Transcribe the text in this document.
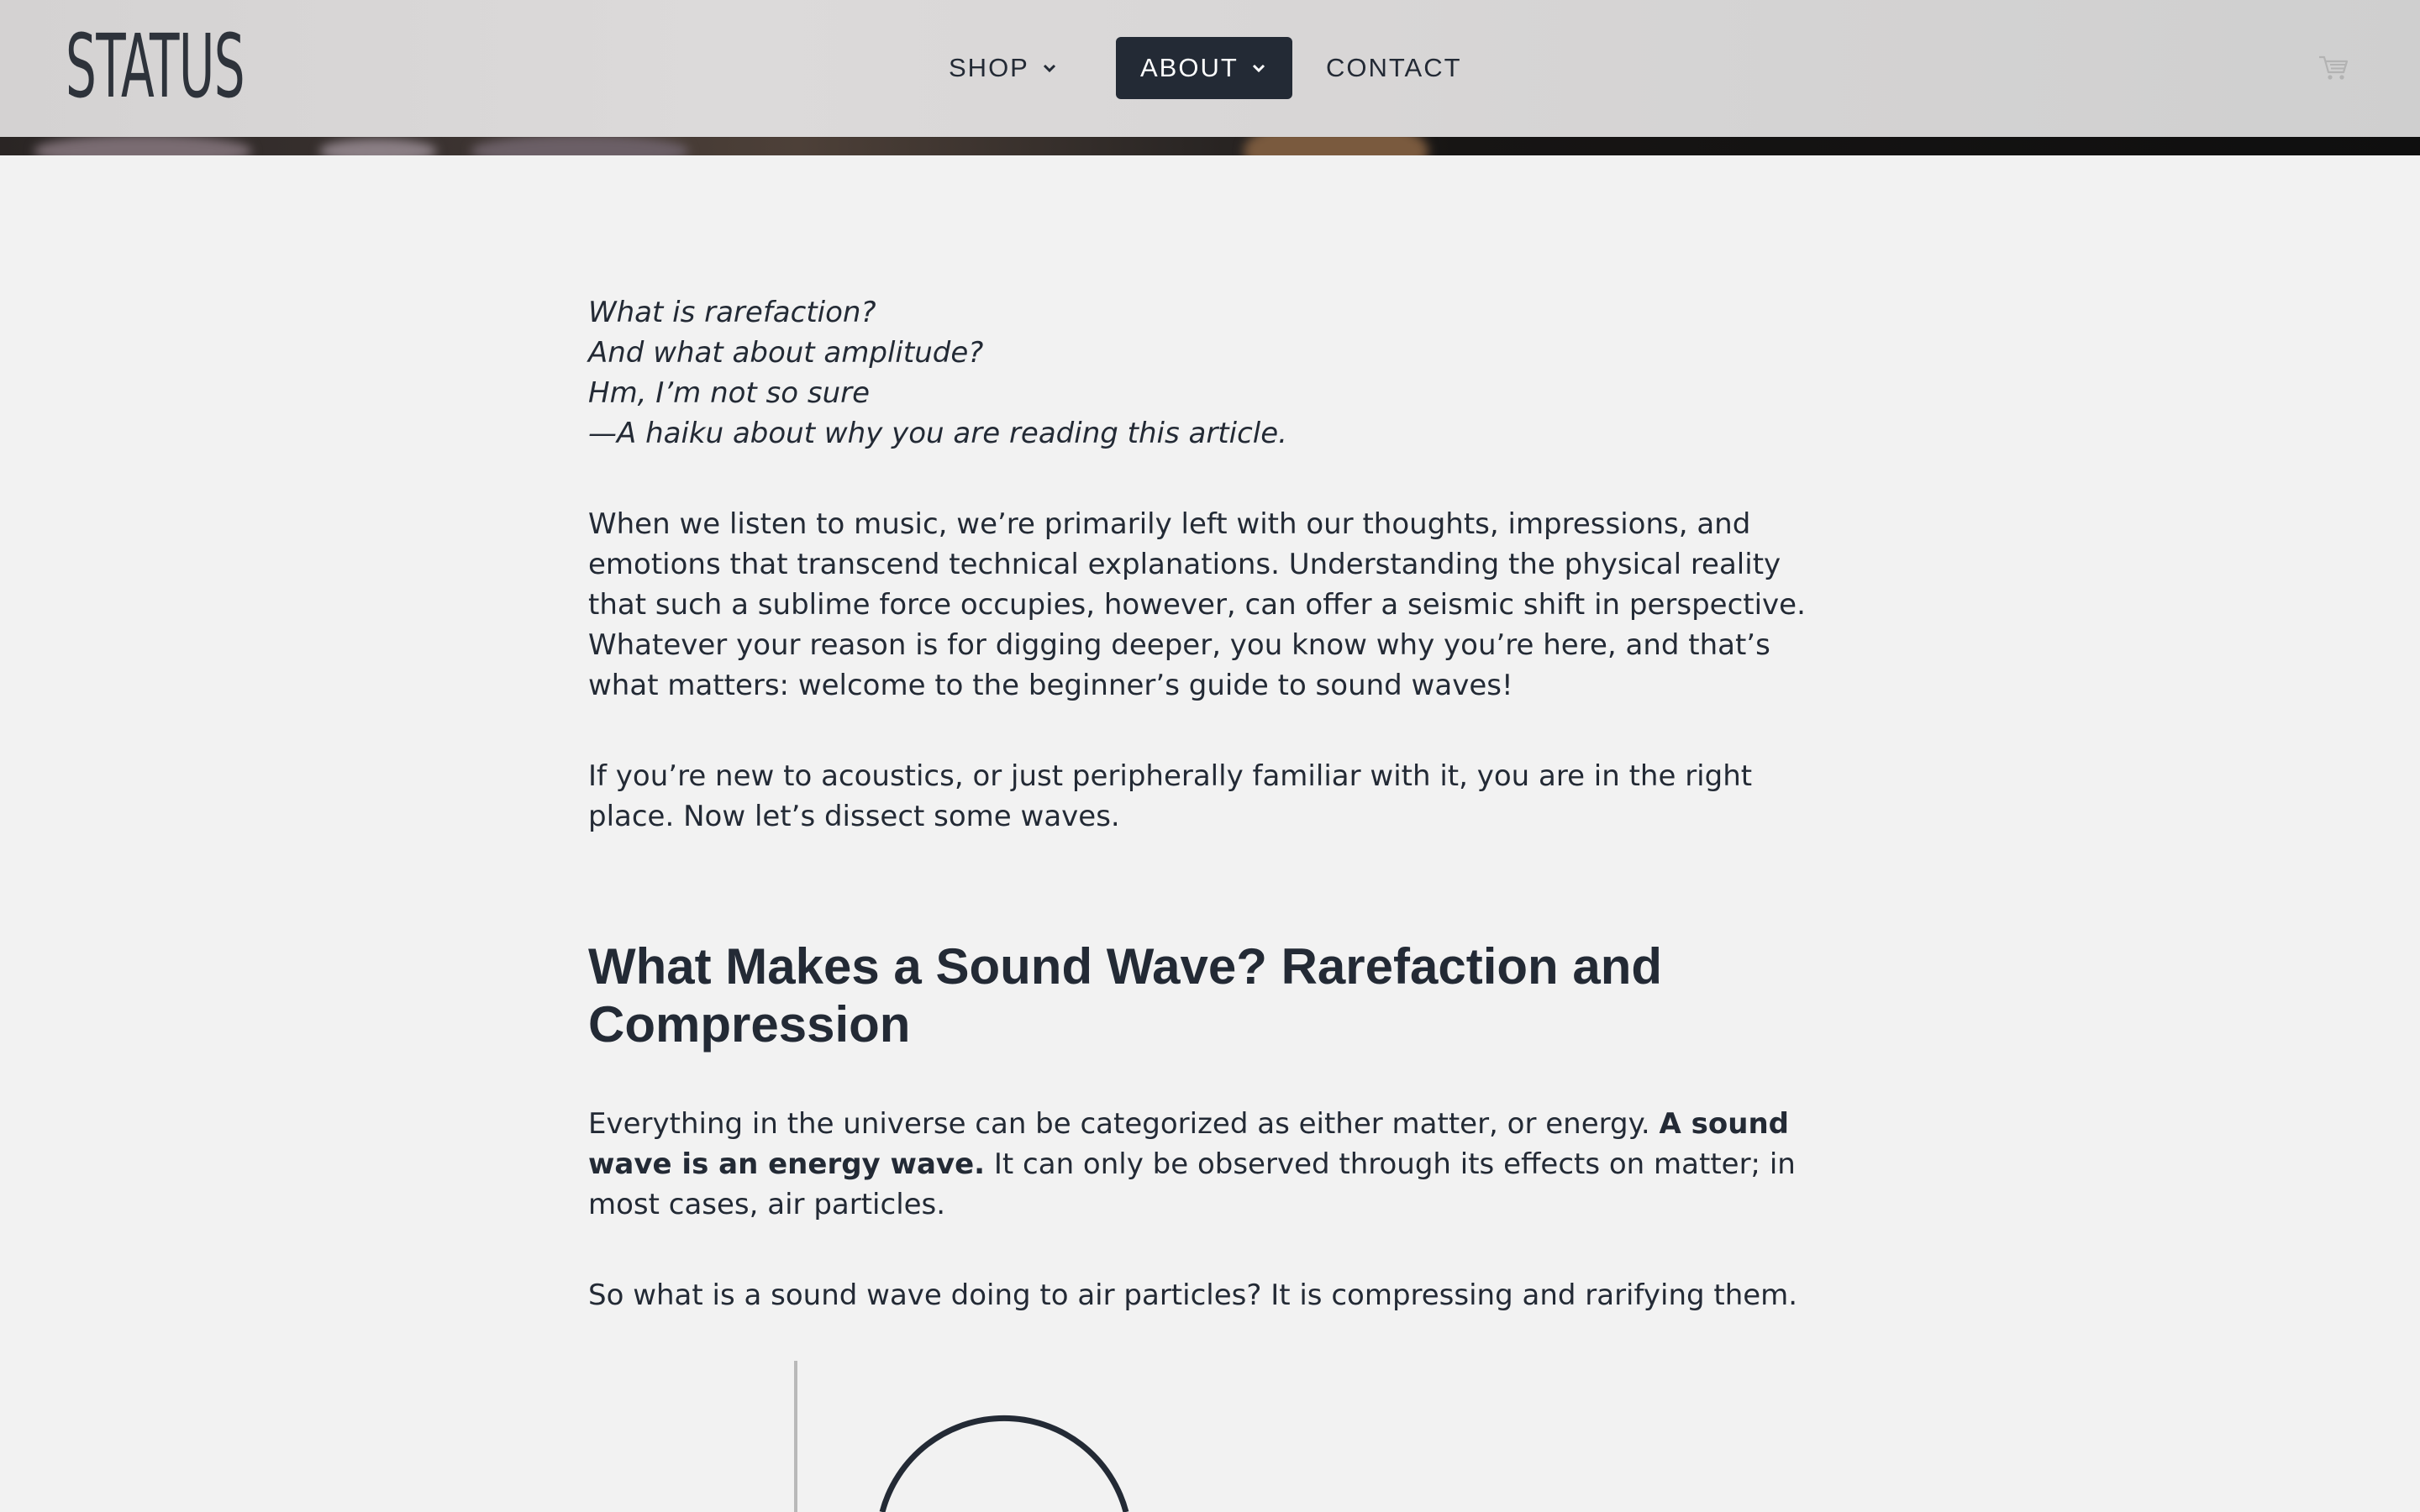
STATUS	SHOP	ABOUT	CONTACT
What is rarefaction?
And what about amplitude?
Hm, I’m not so sure
—A haiku about why you are reading this article.

When we listen to music, we’re primarily left with our thoughts, impressions, and emotions that transcend technical explanations. Understanding the physical reality that such a sublime force occupies, however, can offer a seismic shift in perspective. Whatever your reason is for digging deeper, you know why you’re here, and that’s what matters: welcome to the beginner’s guide to sound waves!

If you’re new to acoustics, or just peripherally familiar with it, you are in the right place. Now let’s dissect some waves.

What Makes a Sound Wave? Rarefaction and Compression

Everything in the universe can be categorized as either matter, or energy. A sound wave is an energy wave. It can only be observed through its effects on matter; in most cases, air particles.

So what is a sound wave doing to air particles? It is compressing and rarifying them.
